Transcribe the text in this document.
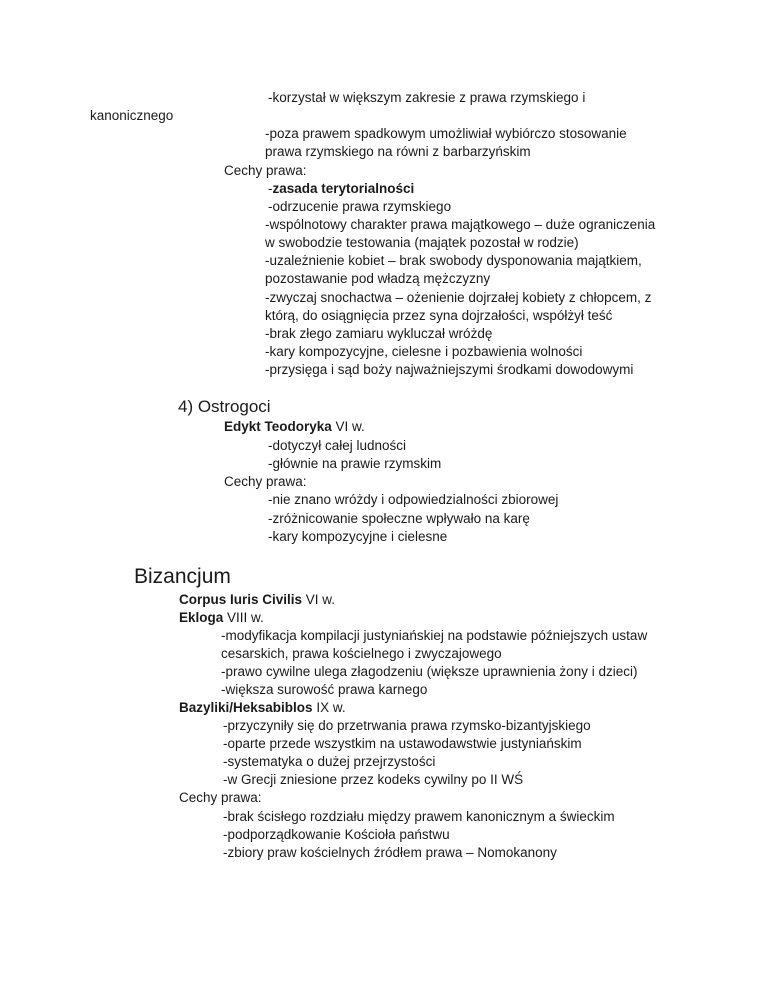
-korzystał w większym zakresie z prawa rzymskiego i
kanonicznego
-poza prawem spadkowym umożliwiał wybiórczo stosowanie
prawa rzymskiego na równi z barbarzyńskim
Cechy prawa:
-zasada terytorialności
-odrzucenie prawa rzymskiego
-wspólnotowy charakter prawa majątkowego – duże ograniczenia
w swobodzie testowania (majątek pozostał w rodzie)
-uzależnienie kobiet – brak swobody dysponowania majątkiem,
pozostawanie pod władzą mężczyzny
-zwyczaj snochactwa – ożenienie dojrzałej kobiety z chłopcem, z
którą, do osiągnięcia przez syna dojrzałości, współżył teść
-brak złego zamiaru wykluczał wróżdę
-kary kompozycyjne, cielesne i pozbawienia wolności
-przysięga i sąd boży najważniejszymi środkami dowodowymi
4) Ostrogoci
Edykt Teodoryka VI w.
-dotyczył całej ludności
-głównie na prawie rzymskim
Cechy prawa:
-nie znano wróżdy i odpowiedzialności zbiorowej
-zróżnicowanie społeczne wpływało na karę
-kary kompozycyjne i cielesne
Bizancjum
Corpus Iuris Civilis VI w.
Ekloga VIII w.
-modyfikacja kompilacji justyniańskiej na podstawie późniejszych ustaw
cesarskich, prawa kościelnego i zwyczajowego
-prawo cywilne ulega złagodzeniu (większe uprawnienia żony i dzieci)
-większa surowość prawa karnego
Bazyliki/Heksabiblos IX w.
-przyczyniły się do przetrwania prawa rzymsko-bizantyjskiego
-oparte przede wszystkim na ustawodawstwie justyniańskim
-systematyka o dużej przejrzystości
-w Grecji zniesione przez kodeks cywilny po II WŚ
Cechy prawa:
-brak ścisłego rozdziału między prawem kanonicznym a świeckim
-podporządkowanie Kościoła państwu
-zbiory praw kościelnych źródłem prawa – Nomokanony
